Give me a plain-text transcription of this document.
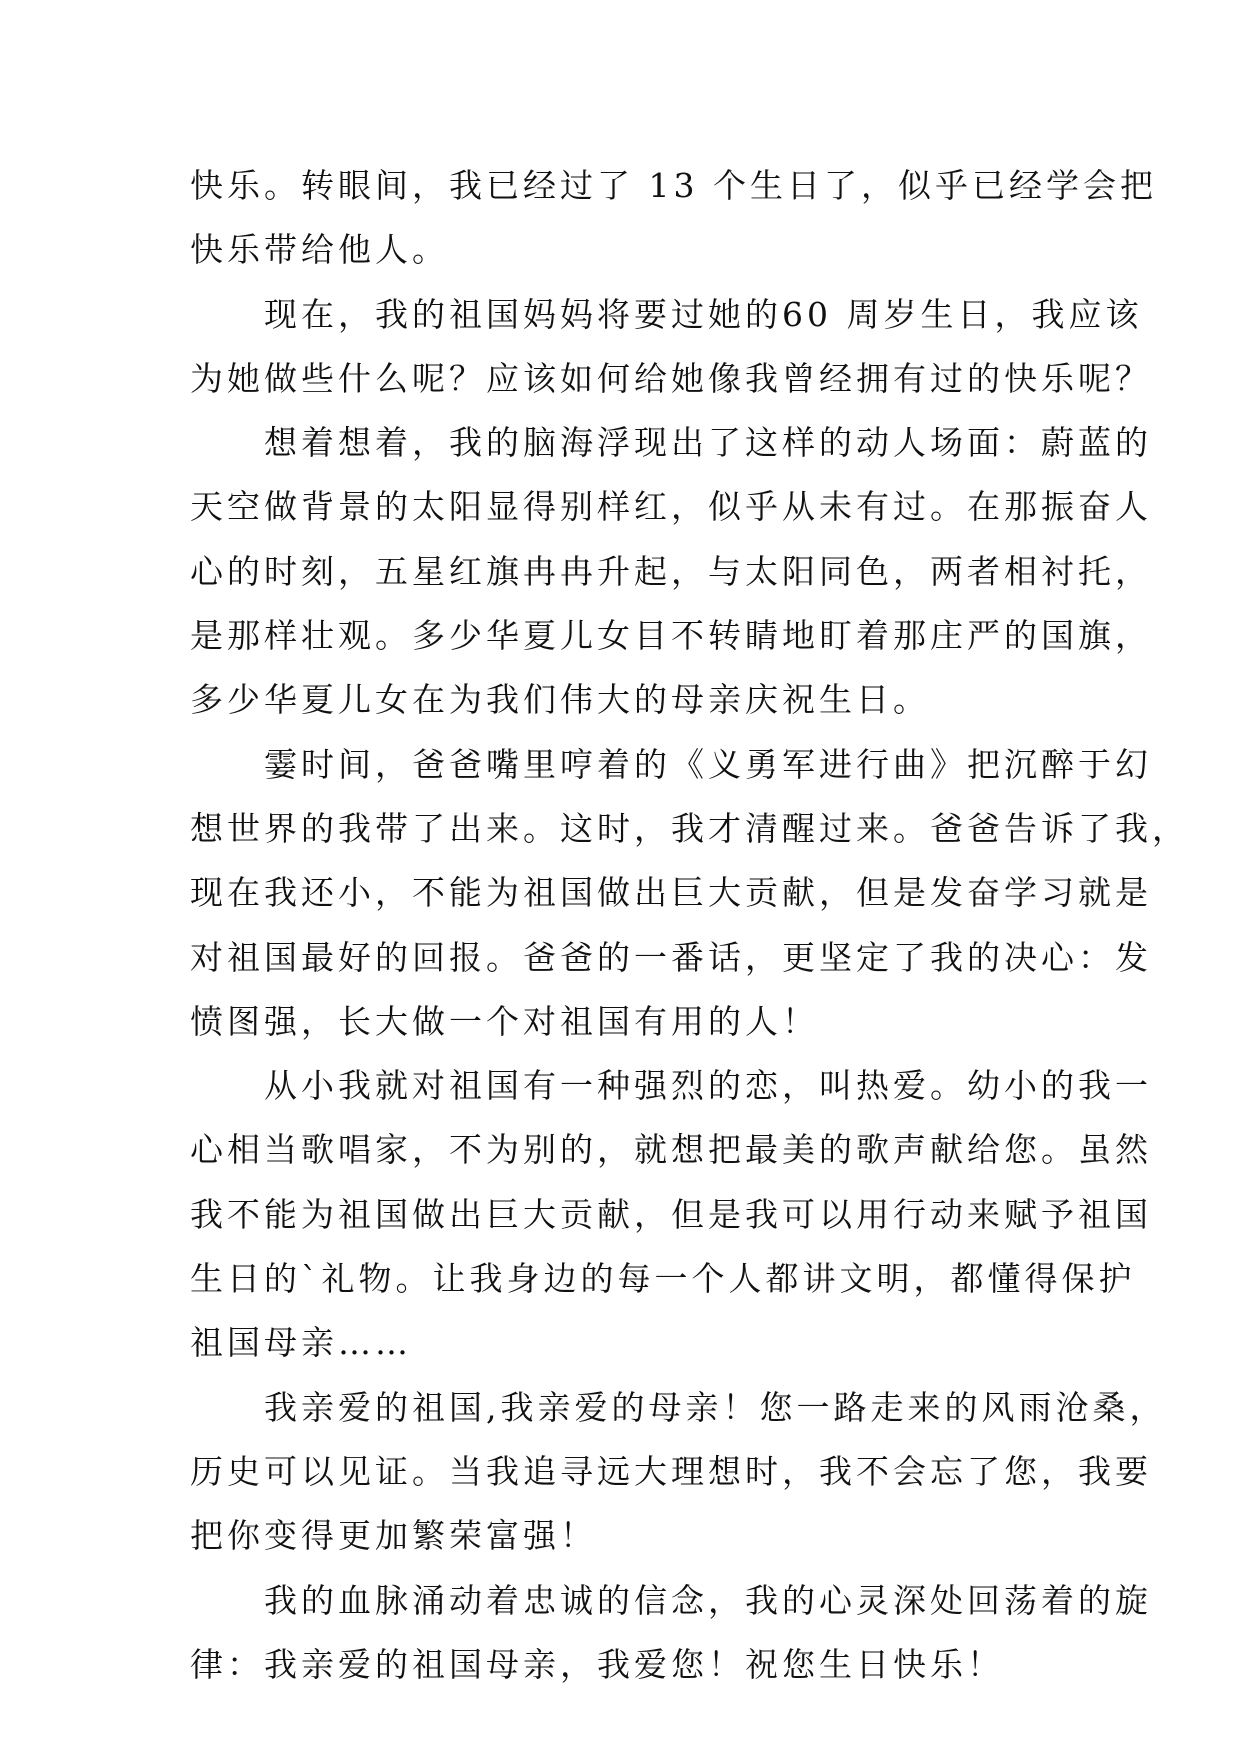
快乐。转眼间，我已经过了 13 个生日了，似乎已经学会把
快乐带给他人。
现在，我的祖国妈妈将要过她的60 周岁生日，我应该
为她做些什么呢？应该如何给她像我曾经拥有过的快乐呢？
想着想着，我的脑海浮现出了这样的动人场面：蔚蓝的
天空做背景的太阳显得别样红，似乎从未有过。在那振奋人
心的时刻，五星红旗冉冉升起，与太阳同色，两者相衬托，
是那样壮观。多少华夏儿女目不转睛地盯着那庄严的国旗，
多少华夏儿女在为我们伟大的母亲庆祝生日。
霎时间，爸爸嘴里哼着的《义勇军进行曲》把沉醉于幻
想世界的我带了出来。这时，我才清醒过来。爸爸告诉了我，
现在我还小，不能为祖国做出巨大贡献，但是发奋学习就是
对祖国最好的回报。爸爸的一番话，更坚定了我的决心：发
愤图强，长大做一个对祖国有用的人！
从小我就对祖国有一种强烈的恋，叫热爱。幼小的我一
心相当歌唱家，不为别的，就想把最美的歌声献给您。虽然
我不能为祖国做出巨大贡献，但是我可以用行动来赋予祖国
生日的`礼物。让我身边的每一个人都讲文明，都懂得保护
祖国母亲……
我亲爱的祖国,我亲爱的母亲！您一路走来的风雨沧桑，
历史可以见证。当我追寻远大理想时，我不会忘了您，我要
把你变得更加繁荣富强！
我的血脉涌动着忠诚的信念，我的心灵深处回荡着的旋
律：我亲爱的祖国母亲，我爱您！祝您生日快乐！
